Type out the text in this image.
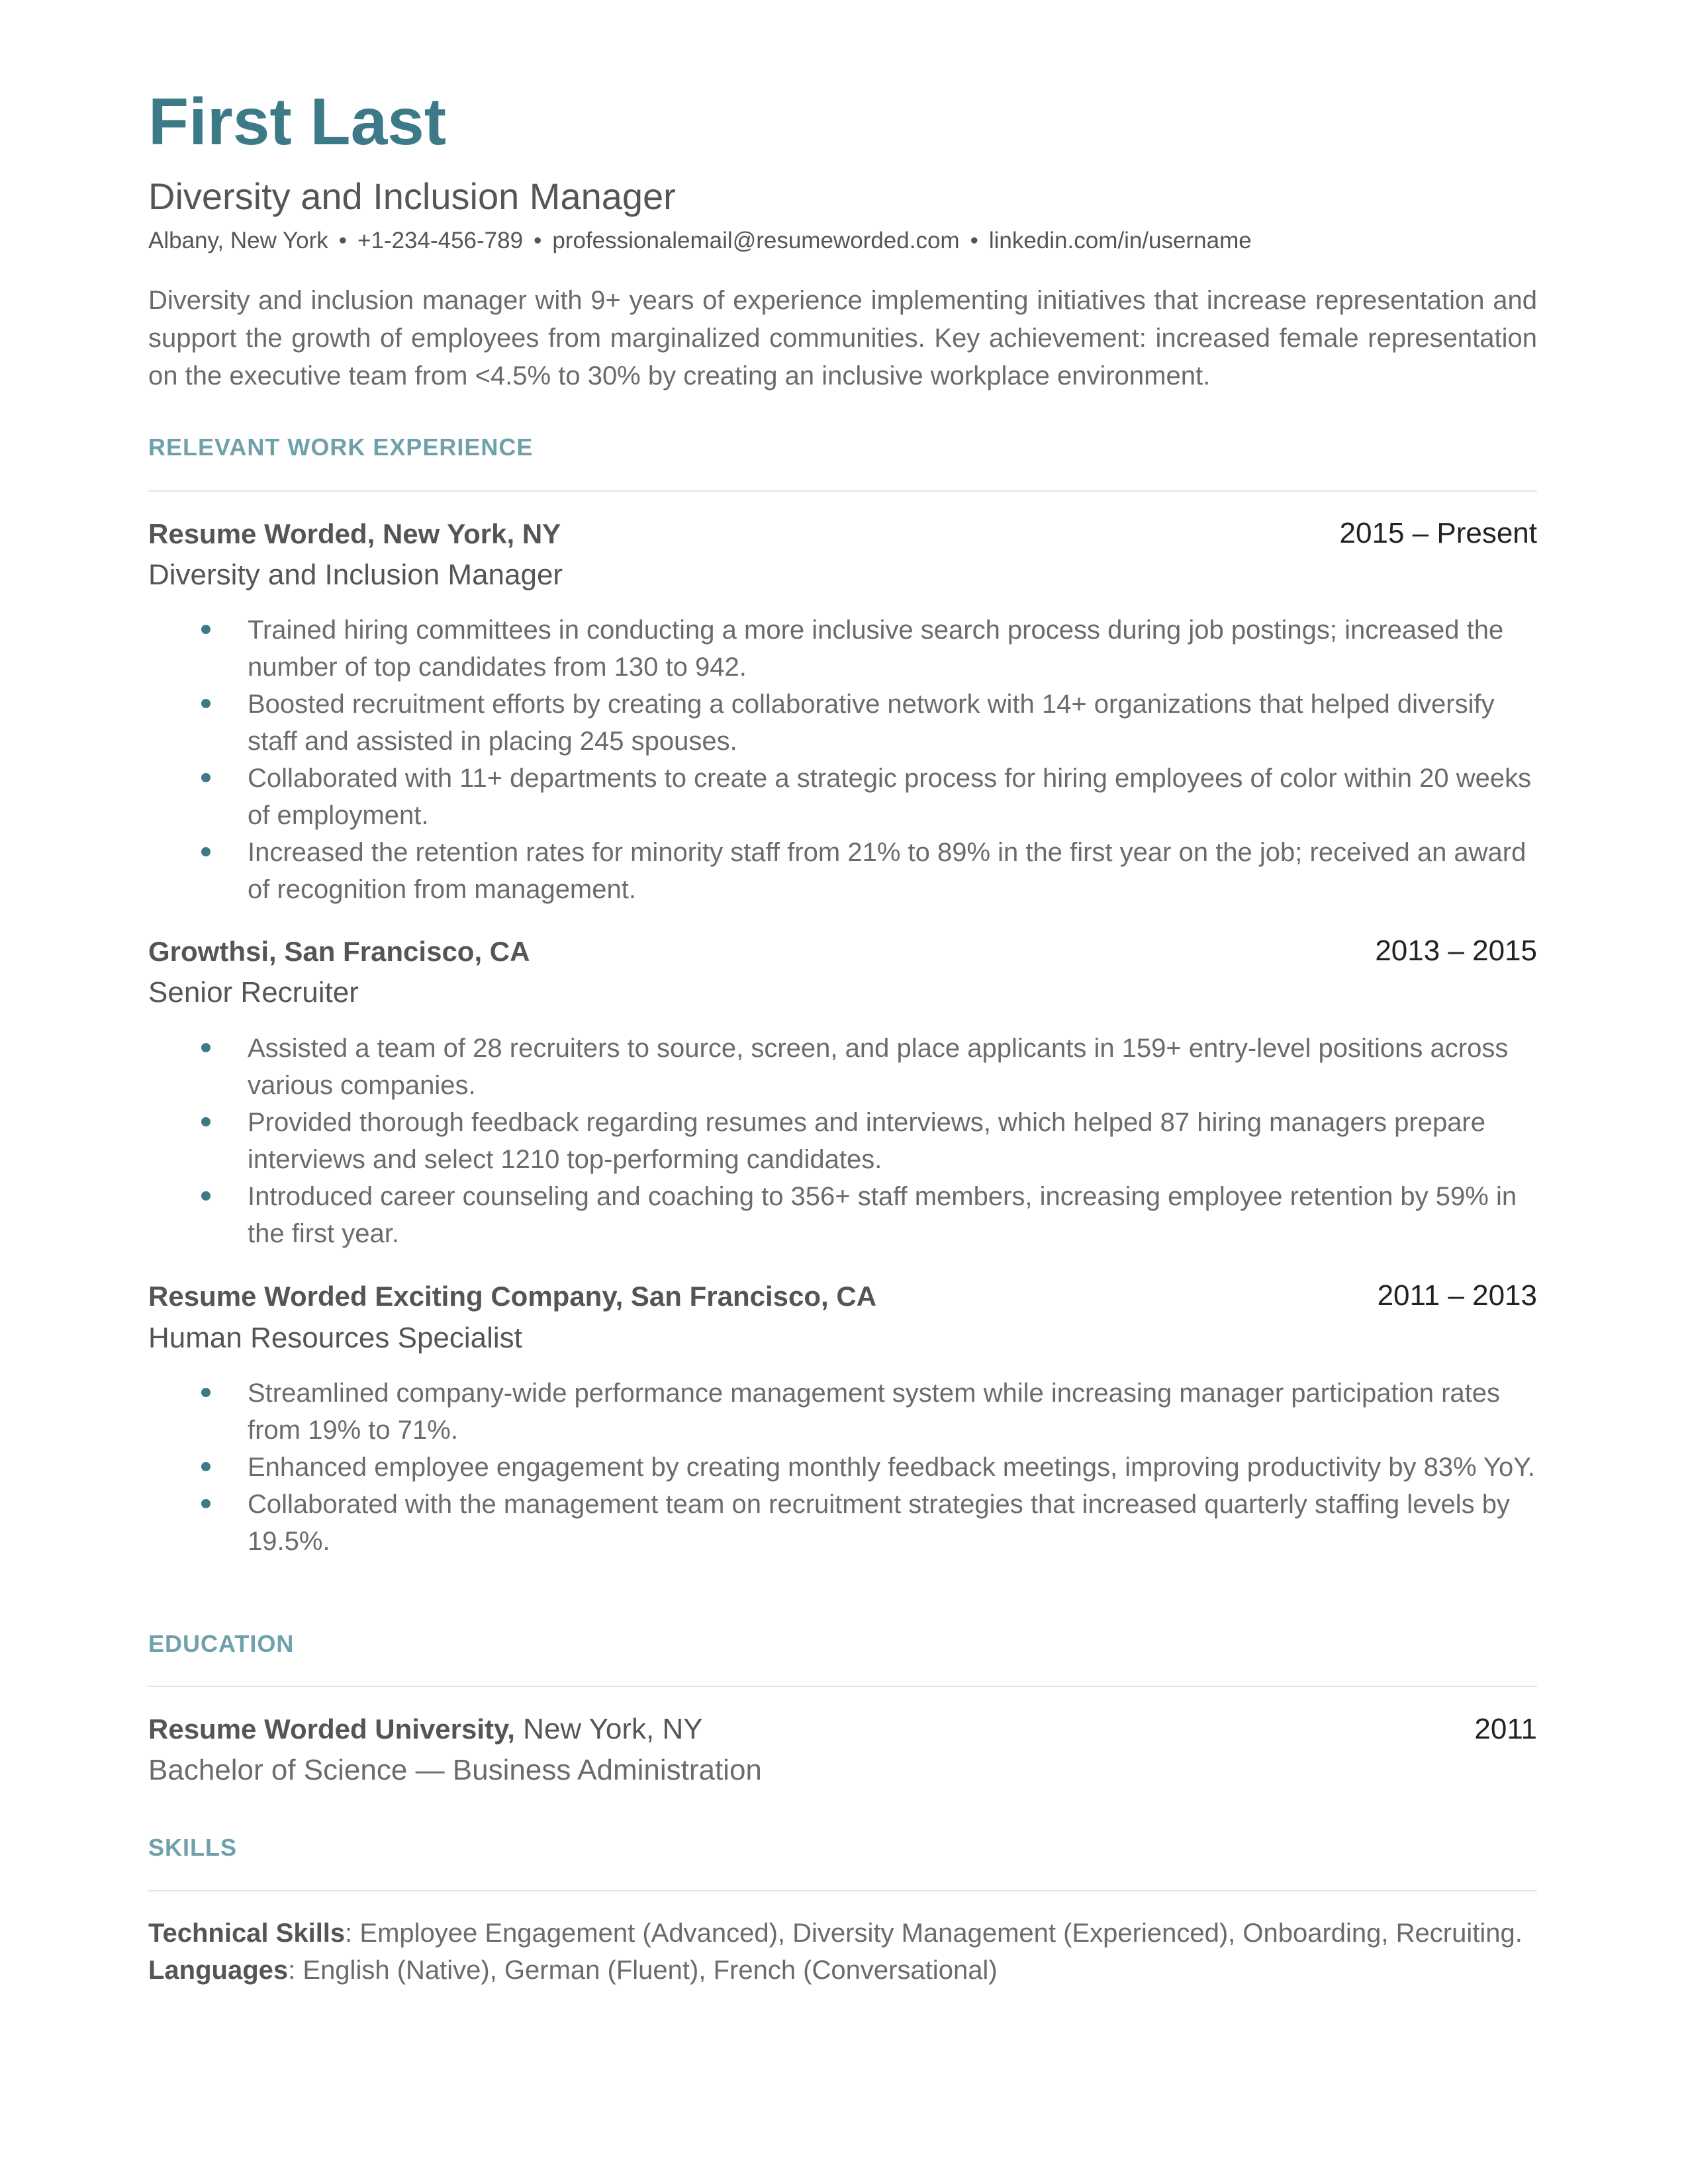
First Last
Diversity and Inclusion Manager
Albany, New York • +1-234-456-789 • professionalemail@resumeworded.com • linkedin.com/in/username
Diversity and inclusion manager with 9+ years of experience implementing initiatives that increase representation and support the growth of employees from marginalized communities. Key achievement: increased female representation on the executive team from <4.5% to 30% by creating an inclusive workplace environment.
RELEVANT WORK EXPERIENCE
Resume Worded, New York, NY	2015 – Present
Diversity and Inclusion Manager
Trained hiring committees in conducting a more inclusive search process during job postings; increased the number of top candidates from 130 to 942.
Boosted recruitment efforts by creating a collaborative network with 14+ organizations that helped diversify staff and assisted in placing 245 spouses.
Collaborated with 11+ departments to create a strategic process for hiring employees of color within 20 weeks of employment.
Increased the retention rates for minority staff from 21% to 89% in the first year on the job; received an award of recognition from management.
Growthsi, San Francisco, CA	2013 – 2015
Senior Recruiter
Assisted a team of 28 recruiters to source, screen, and place applicants in 159+ entry-level positions across various companies.
Provided thorough feedback regarding resumes and interviews, which helped 87 hiring managers prepare interviews and select 1210 top-performing candidates.
Introduced career counseling and coaching to 356+ staff members, increasing employee retention by 59% in the first year.
Resume Worded Exciting Company, San Francisco, CA	2011 – 2013
Human Resources Specialist
Streamlined company-wide performance management system while increasing manager participation rates from 19% to 71%.
Enhanced employee engagement by creating monthly feedback meetings, improving productivity by 83% YoY.
Collaborated with the management team on recruitment strategies that increased quarterly staffing levels by 19.5%.
EDUCATION
Resume Worded University, New York, NY	2011
Bachelor of Science — Business Administration
SKILLS
Technical Skills: Employee Engagement (Advanced), Diversity Management (Experienced), Onboarding, Recruiting.
Languages: English (Native), German (Fluent), French (Conversational)
